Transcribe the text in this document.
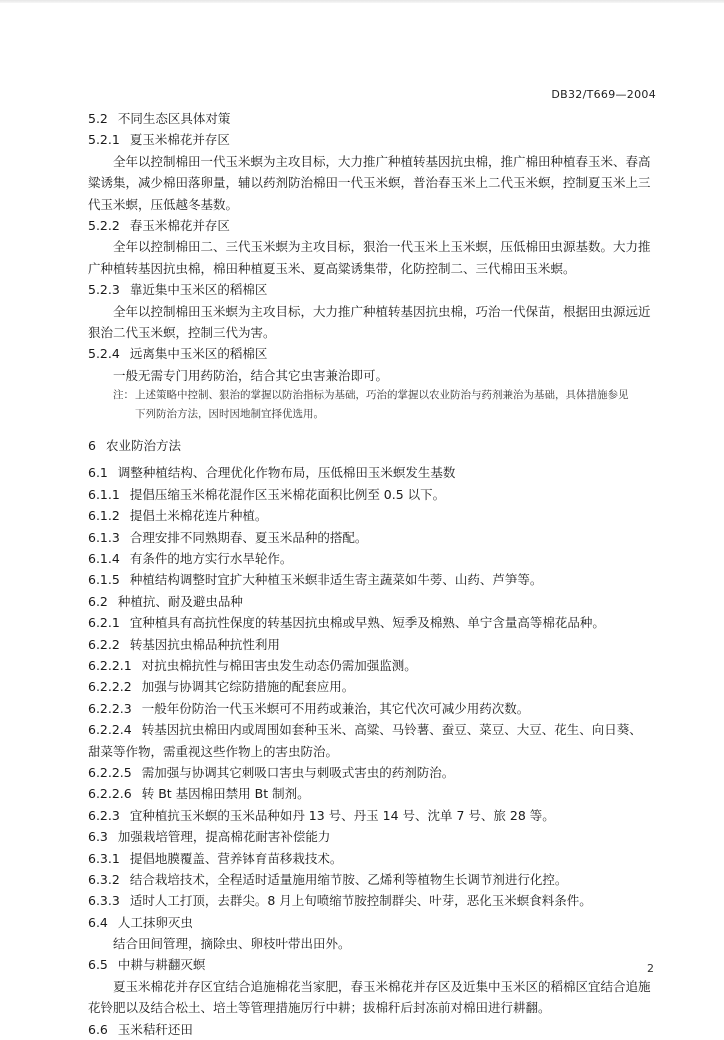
DB32/T669—2004
5.2 不同生态区具体对策
5.2.1 夏玉米棉花并存区
全年以控制棉田一代玉米螟为主攻目标，大力推广种植转基因抗虫棉，推广棉田种植春玉米、春高
粱诱集，减少棉田落卵量，辅以药剂防治棉田一代玉米螟，普治春玉米上二代玉米螟，控制夏玉米上三
代玉米螟，压低越冬基数。
5.2.2 春玉米棉花并存区
全年以控制棉田二、三代玉米螟为主攻目标，狠治一代玉米上玉米螟，压低棉田虫源基数。大力推
广种植转基因抗虫棉，棉田种植夏玉米、夏高粱诱集带，化防控制二、三代棉田玉米螟。
5.2.3 靠近集中玉米区的稻棉区
全年以控制棉田玉米螟为主攻目标，大力推广种植转基因抗虫棉，巧治一代保苗，根据田虫源远近
狠治二代玉米螟，控制三代为害。
5.2.4 远离集中玉米区的稻棉区
一般无需专门用药防治，结合其它虫害兼治即可。
注：上述策略中控制、狠治的掌握以防治指标为基础，巧治的掌握以农业防治与药剂兼治为基础，具体措施参见
下列防治方法，因时因地制宜择优选用。
6 农业防治方法
6.1 调整种植结构、合理优化作物布局，压低棉田玉米螟发生基数
6.1.1 提倡压缩玉米棉花混作区玉米棉花面积比例至 0.5 以下。
6.1.2 提倡土米棉花连片种植。
6.1.3 合理安排不同熟期春、夏玉米品种的搭配。
6.1.4 有条件的地方实行水旱轮作。
6.1.5 种植结构调整时宜扩大种植玉米螟非适生寄主蔬菜如牛蒡、山药、芦笋等。
6.2 种植抗、耐及避虫品种
6.2.1 宜种植具有高抗性保度的转基因抗虫棉或早熟、短季及棉熟、单宁含量高等棉花品种。
6.2.2 转基因抗虫棉品种抗性利用
6.2.2.1 对抗虫棉抗性与棉田害虫发生动态仍需加强监测。
6.2.2.2 加强与协调其它综防措施的配套应用。
6.2.2.3 一般年份防治一代玉米螟可不用药或兼治，其它代次可减少用药次数。
6.2.2.4 转基因抗虫棉田内或周围如套种玉米、高粱、马铃薯、蚕豆、菜豆、大豆、花生、向日葵、
甜菜等作物，需重视这些作物上的害虫防治。
6.2.2.5 需加强与协调其它刺吸口害虫与刺吸式害虫的药剂防治。
6.2.2.6 转 Bt 基因棉田禁用 Bt 制剂。
6.2.3 宜种植抗玉米螟的玉米品种如丹 13 号、丹玉 14 号、沈单 7 号、旅 28 等。
6.3 加强栽培管理，提高棉花耐害补偿能力
6.3.1 提倡地膜覆盖、营养钵育苗移栽技术。
6.3.2 结合栽培技术，全程适时适量施用缩节胺、乙烯利等植物生长调节剂进行化控。
6.3.3 适时人工打顶，去群尖。8 月上旬喷缩节胺控制群尖、叶芽，恶化玉米螟食料条件。
6.4 人工抹卵灭虫
结合田间管理，摘除虫、卵枝叶带出田外。
6.5 中耕与耕翻灭螟
夏玉米棉花并存区宜结合追施棉花当家肥，春玉米棉花并存区及近集中玉米区的稻棉区宜结合追施
花铃肥以及结合松土、培土等管理措施厉行中耕；拔棉秆后封冻前对棉田进行耕翻。
6.6 玉米秸秆还田
2
